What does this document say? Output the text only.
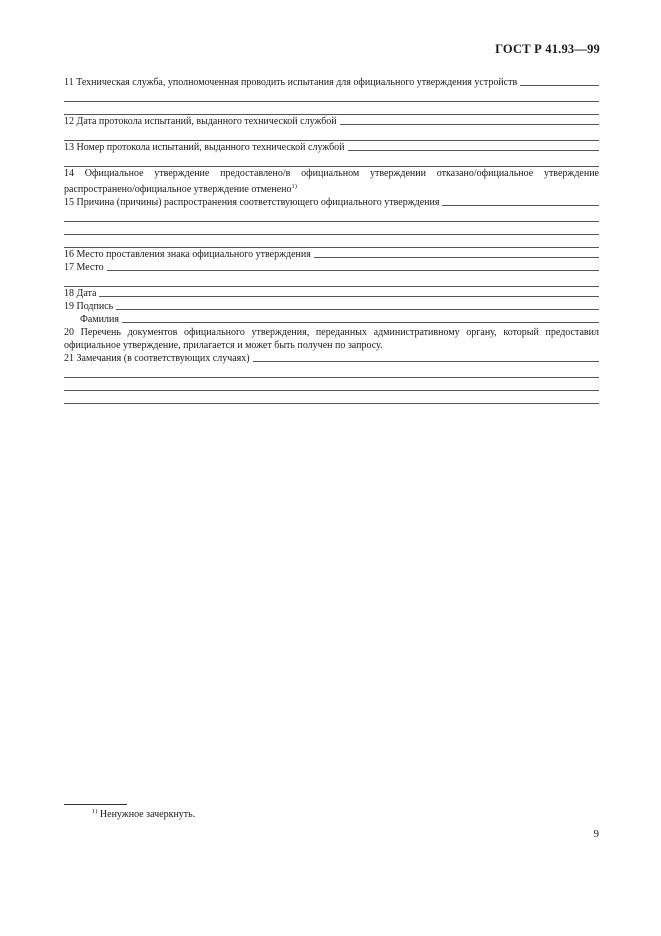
ГОСТ Р 41.93—99
11 Техническая служба, уполномоченная проводить испытания для официального утверждения устройств
12 Дата протокола испытаний, выданного технической службой
13 Номер протокола испытаний, выданного технической службой
14 Официальное утверждение предоставлено/в официальном утверждении отказано/официальное утверждение распространено/официальное утверждение отменено$^{1)}$
15 Причина (причины) распространения соответствующего официального утверждения
16 Место проставления знака официального утверждения
17 Место
18 Дата
19 Подпись
Фамилия
20 Перечень документов официального утверждения, переданных административному органу, который предоставил официальное утверждение, прилагается и может быть получен по запросу.
21 Замечания (в соответствующих случаях)
$^{1)}$ Ненужное зачеркнуть.
9
